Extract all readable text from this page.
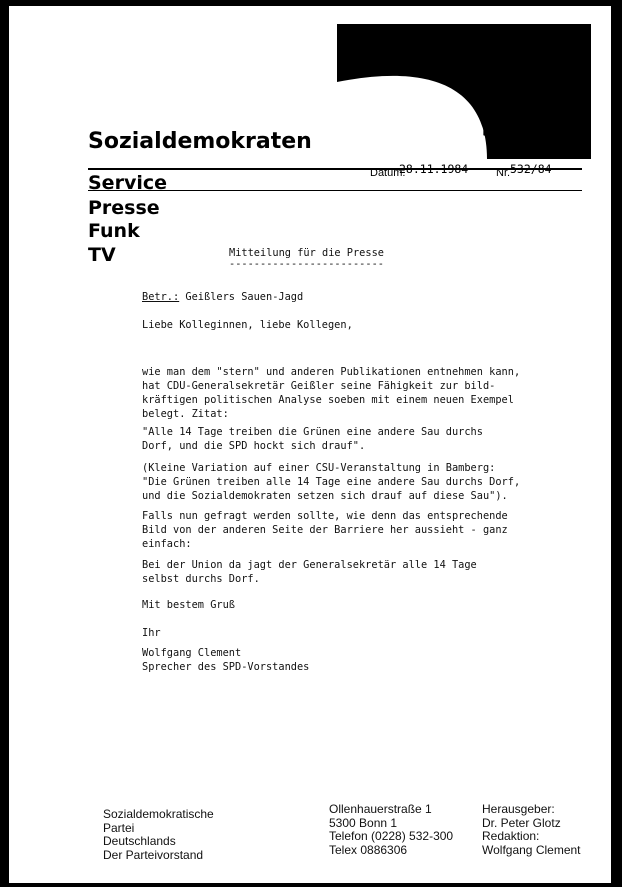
SPD
Sozialdemokraten
Service
Presse
Funk
TV
Datum:
28.11.1984	Nr. 532/84
Mitteilung für die Presse
-------------------------
Betr.: Geißlers Sauen-Jagd
Liebe Kolleginnen, liebe Kollegen,
wie man dem "stern" und anderen Publikationen entnehmen kann,
hat CDU-Generalsekretär Geißler seine Fähigkeit zur bild-
kräftigen politischen Analyse soeben mit einem neuen Exempel
belegt. Zitat:
"Alle 14 Tage treiben die Grünen eine andere Sau durchs
Dorf, und die SPD hockt sich drauf".
(Kleine Variation auf einer CSU-Veranstaltung in Bamberg:
"Die Grünen treiben alle 14 Tage eine andere Sau durchs Dorf,
und die Sozialdemokraten setzen sich drauf auf diese Sau").
Falls nun gefragt werden sollte, wie denn das entsprechende
Bild von der anderen Seite der Barriere her aussieht - ganz
einfach:
Bei der Union da jagt der Generalsekretär alle 14 Tage
selbst durchs Dorf.
Mit bestem Gruß
Ihr
Wolfgang Clement
Sprecher des SPD-Vorstandes
Sozialdemokratische
Partei
Deutschlands
Der Parteivorstand
Ollenhauerstraße 1
5300 Bonn 1
Telefon (0228) 532-300
Telex 0886306
Herausgeber:
Dr. Peter Glotz
Redaktion:
Wolfgang Clement
